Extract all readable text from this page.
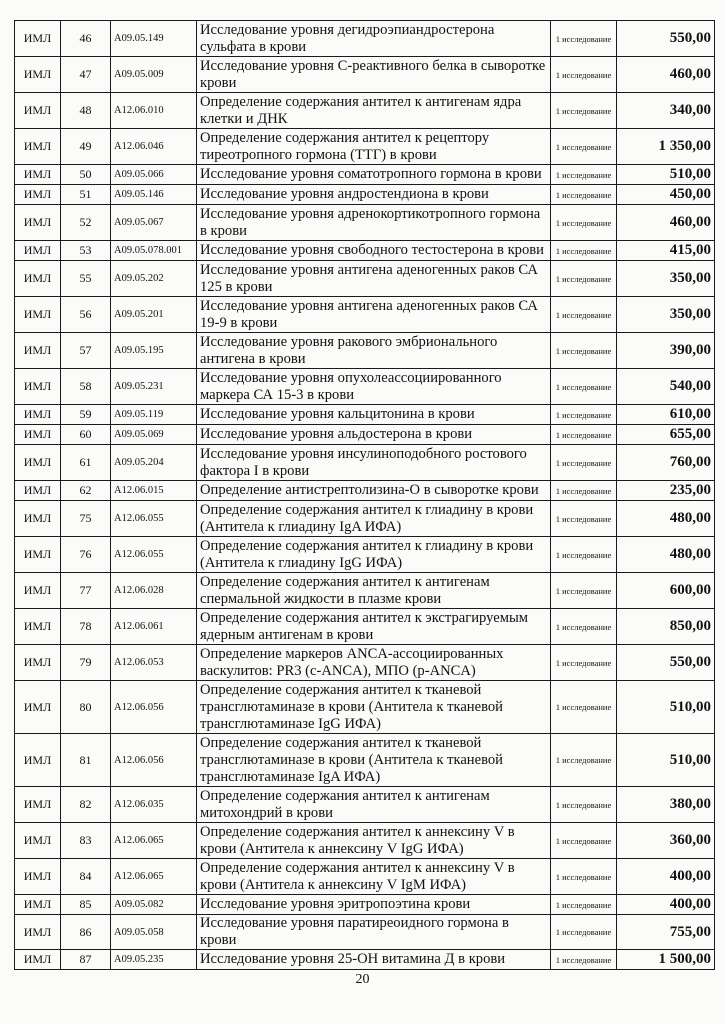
ИМЛ	46	A09.05.149	Исследование уровня дегидроэпиандростерона сульфата в крови	1 исследование	550,00
ИМЛ	47	A09.05.009	Исследование уровня С-реактивного белка в сыворотке крови	1 исследование	460,00
ИМЛ	48	A12.06.010	Определение содержания антител к антигенам ядра клетки и ДНК	1 исследование	340,00
ИМЛ	49	A12.06.046	Определение содержания антител к рецептору тиреотропного гормона (ТТГ) в крови	1 исследование	1 350,00
ИМЛ	50	A09.05.066	Исследование уровня соматотропного гормона в крови	1 исследование	510,00
ИМЛ	51	A09.05.146	Исследование уровня андростендиона в крови	1 исследование	450,00
ИМЛ	52	A09.05.067	Исследование уровня адренокортикотропного гормона в крови	1 исследование	460,00
ИМЛ	53	A09.05.078.001	Исследование уровня свободного тестостерона в крови	1 исследование	415,00
ИМЛ	55	A09.05.202	Исследование уровня антигена аденогенных раков СА 125 в крови	1 исследование	350,00
ИМЛ	56	A09.05.201	Исследование уровня антигена аденогенных раков СА 19-9 в крови	1 исследование	350,00
ИМЛ	57	A09.05.195	Исследование уровня ракового эмбрионального антигена в крови	1 исследование	390,00
ИМЛ	58	A09.05.231	Исследование уровня опухолеассоциированного маркера СА 15-3 в крови	1 исследование	540,00
ИМЛ	59	A09.05.119	Исследование уровня кальцитонина в крови	1 исследование	610,00
ИМЛ	60	A09.05.069	Исследование уровня альдостерона в крови	1 исследование	655,00
ИМЛ	61	A09.05.204	Исследование уровня инсулиноподобного ростового фактора I в крови	1 исследование	760,00
ИМЛ	62	A12.06.015	Определение антистрептолизина-О в сыворотке крови	1 исследование	235,00
ИМЛ	75	A12.06.055	Определение содержания антител к глиадину в крови (Антитела к глиадину IgA ИФА)	1 исследование	480,00
ИМЛ	76	A12.06.055	Определение содержания антител к глиадину в крови (Антитела к глиадину IgG ИФА)	1 исследование	480,00
ИМЛ	77	A12.06.028	Определение содержания антител к антигенам спермальной жидкости в плазме крови	1 исследование	600,00
ИМЛ	78	A12.06.061	Определение содержания антител к экстрагируемым ядерным антигенам в крови	1 исследование	850,00
ИМЛ	79	A12.06.053	Определение маркеров ANCA-ассоциированных васкулитов: PR3 (c-ANCA), МПО (p-ANCA)	1 исследование	550,00
ИМЛ	80	A12.06.056	Определение содержания антител к тканевой трансглютаминазе в крови (Антитела к тканевой трансглютаминазе IgG ИФА)	1 исследование	510,00
ИМЛ	81	A12.06.056	Определение содержания антител к тканевой трансглютаминазе в крови (Антитела к тканевой трансглютаминазе IgA ИФА)	1 исследование	510,00
ИМЛ	82	A12.06.035	Определение содержания антител к антигенам митохондрий в крови	1 исследование	380,00
ИМЛ	83	A12.06.065	Определение содержания антител к аннексину V в крови (Антитела к аннексину V IgG ИФА)	1 исследование	360,00
ИМЛ	84	A12.06.065	Определение содержания антител к аннексину V в крови (Антитела к аннексину V IgM ИФА)	1 исследование	400,00
ИМЛ	85	A09.05.082	Исследование уровня эритропоэтина крови	1 исследование	400,00
ИМЛ	86	A09.05.058	Исследование уровня паратиреоидного гормона в крови	1 исследование	755,00
ИМЛ	87	A09.05.235	Исследование уровня 25-ОН витамина Д в крови	1 исследование	1 500,00
20
